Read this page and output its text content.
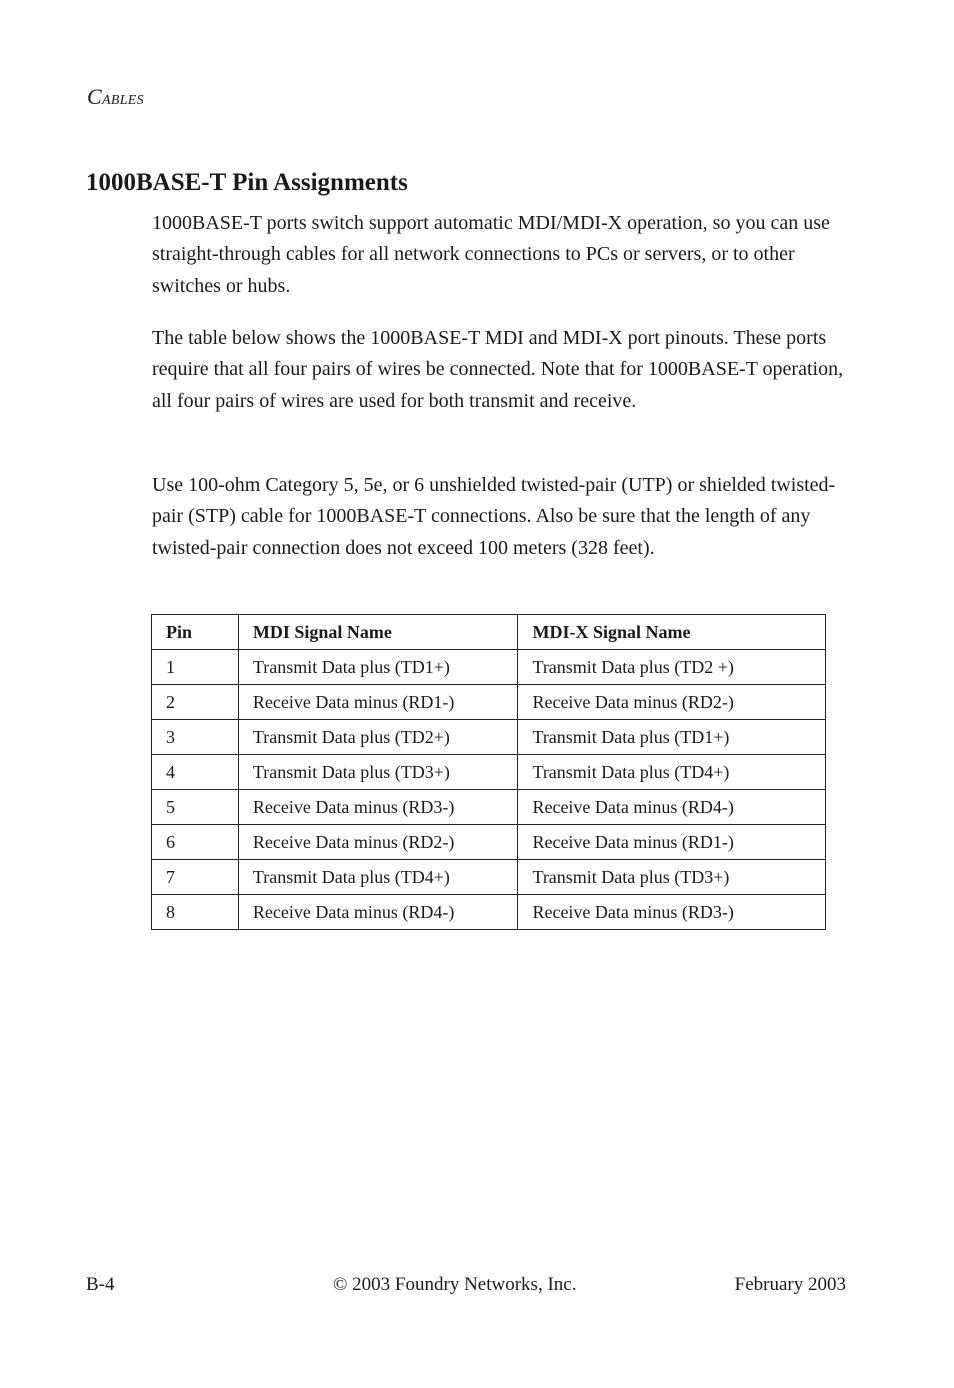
CABLES
1000BASE-T Pin Assignments

1000BASE-T ports switch support automatic MDI/MDI-X operation, so you can use straight-through cables for all network connections to PCs or servers, or to other switches or hubs.

The table below shows the 1000BASE-T MDI and MDI-X port pinouts. These ports require that all four pairs of wires be connected. Note that for 1000BASE-T operation, all four pairs of wires are used for both transmit and receive.

Use 100-ohm Category 5, 5e, or 6 unshielded twisted-pair (UTP) or shielded twisted-pair (STP) cable for 1000BASE-T connections. Also be sure that the length of any twisted-pair connection does not exceed 100 meters (328 feet).

Pin	MDI Signal Name	MDI-X Signal Name
1	Transmit Data plus (TD1+)	Transmit Data plus (TD2 +)
2	Receive Data minus (RD1-)	Receive Data minus (RD2-)
3	Transmit Data plus (TD2+)	Transmit Data plus (TD1+)
4	Transmit Data plus (TD3+)	Transmit Data plus (TD4+)
5	Receive Data minus (RD3-)	Receive Data minus (RD4-)
6	Receive Data minus (RD2-)	Receive Data minus (RD1-)
7	Transmit Data plus (TD4+)	Transmit Data plus (TD3+)
8	Receive Data minus (RD4-)	Receive Data minus (RD3-)
B-4	© 2003 Foundry Networks, Inc.	February 2003
